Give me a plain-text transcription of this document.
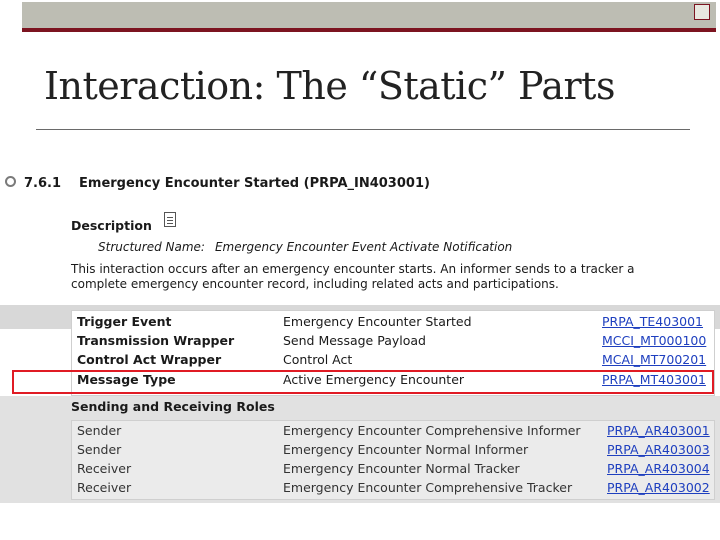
Interaction: The “Static” Parts
7.6.1 Emergency Encounter Started (PRPA_IN403001)
Description
Structured Name: Emergency Encounter Event Activate Notification
This interaction occurs after an emergency encounter starts. An informer sends to a tracker a complete emergency encounter record, including related acts and participations.
Trigger Event	Emergency Encounter Started	PRPA_TE403001
Transmission Wrapper	Send Message Payload	MCCI_MT000100
Control Act Wrapper	Control Act	MCAI_MT700201
Message Type	Active Emergency Encounter	PRPA_MT403001
Sending and Receiving Roles
Sender	Emergency Encounter Comprehensive Informer PRPA_AR403001
Sender	Emergency Encounter Normal Informer	PRPA_AR403003
Receiver	Emergency Encounter Normal Tracker	PRPA_AR403004
Receiver	Emergency Encounter Comprehensive Tracker	PRPA_AR403002
